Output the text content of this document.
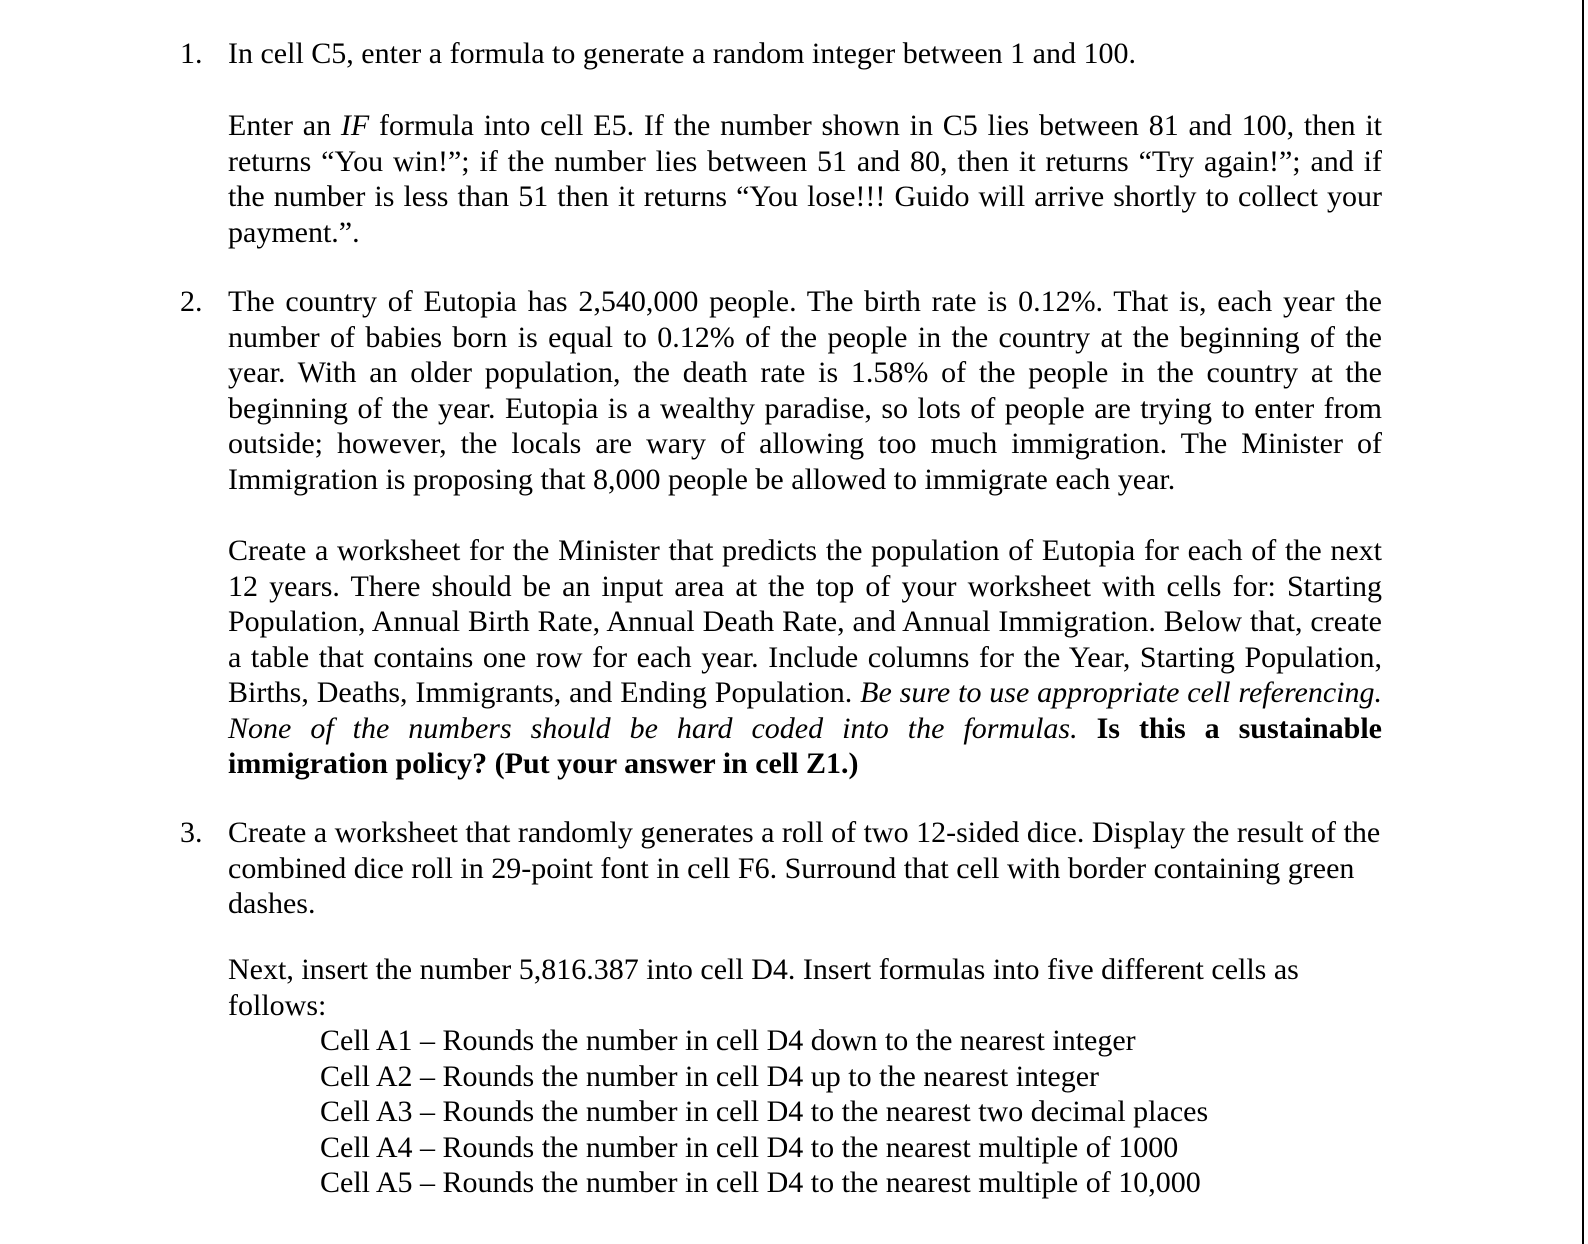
1. In cell C5, enter a formula to generate a random integer between 1 and 100.

Enter an IF formula into cell E5. If the number shown in C5 lies between 81 and 100, then it returns “You win!”; if the number lies between 51 and 80, then it returns “Try again!”; and if the number is less than 51 then it returns “You lose!!! Guido will arrive shortly to collect your payment.”.

2. The country of Eutopia has 2,540,000 people. The birth rate is 0.12%. That is, each year the number of babies born is equal to 0.12% of the people in the country at the beginning of the year. With an older population, the death rate is 1.58% of the people in the country at the beginning of the year. Eutopia is a wealthy paradise, so lots of people are trying to enter from outside; however, the locals are wary of allowing too much immigration. The Minister of Immigration is proposing that 8,000 people be allowed to immigrate each year.

Create a worksheet for the Minister that predicts the population of Eutopia for each of the next 12 years. There should be an input area at the top of your worksheet with cells for: Starting Population, Annual Birth Rate, Annual Death Rate, and Annual Immigration. Below that, create a table that contains one row for each year. Include columns for the Year, Starting Population, Births, Deaths, Immigrants, and Ending Population. Be sure to use appropriate cell referencing. None of the numbers should be hard coded into the formulas. Is this a sustainable immigration policy? (Put your answer in cell Z1.)

3. Create a worksheet that randomly generates a roll of two 12-sided dice. Display the result of the combined dice roll in 29-point font in cell F6. Surround that cell with border containing green dashes.

Next, insert the number 5,816.387 into cell D4. Insert formulas into five different cells as follows:

Cell A1 – Rounds the number in cell D4 down to the nearest integer
Cell A2 – Rounds the number in cell D4 up to the nearest integer
Cell A3 – Rounds the number in cell D4 to the nearest two decimal places
Cell A4 – Rounds the number in cell D4 to the nearest multiple of 1000
Cell A5 – Rounds the number in cell D4 to the nearest multiple of 10,000
